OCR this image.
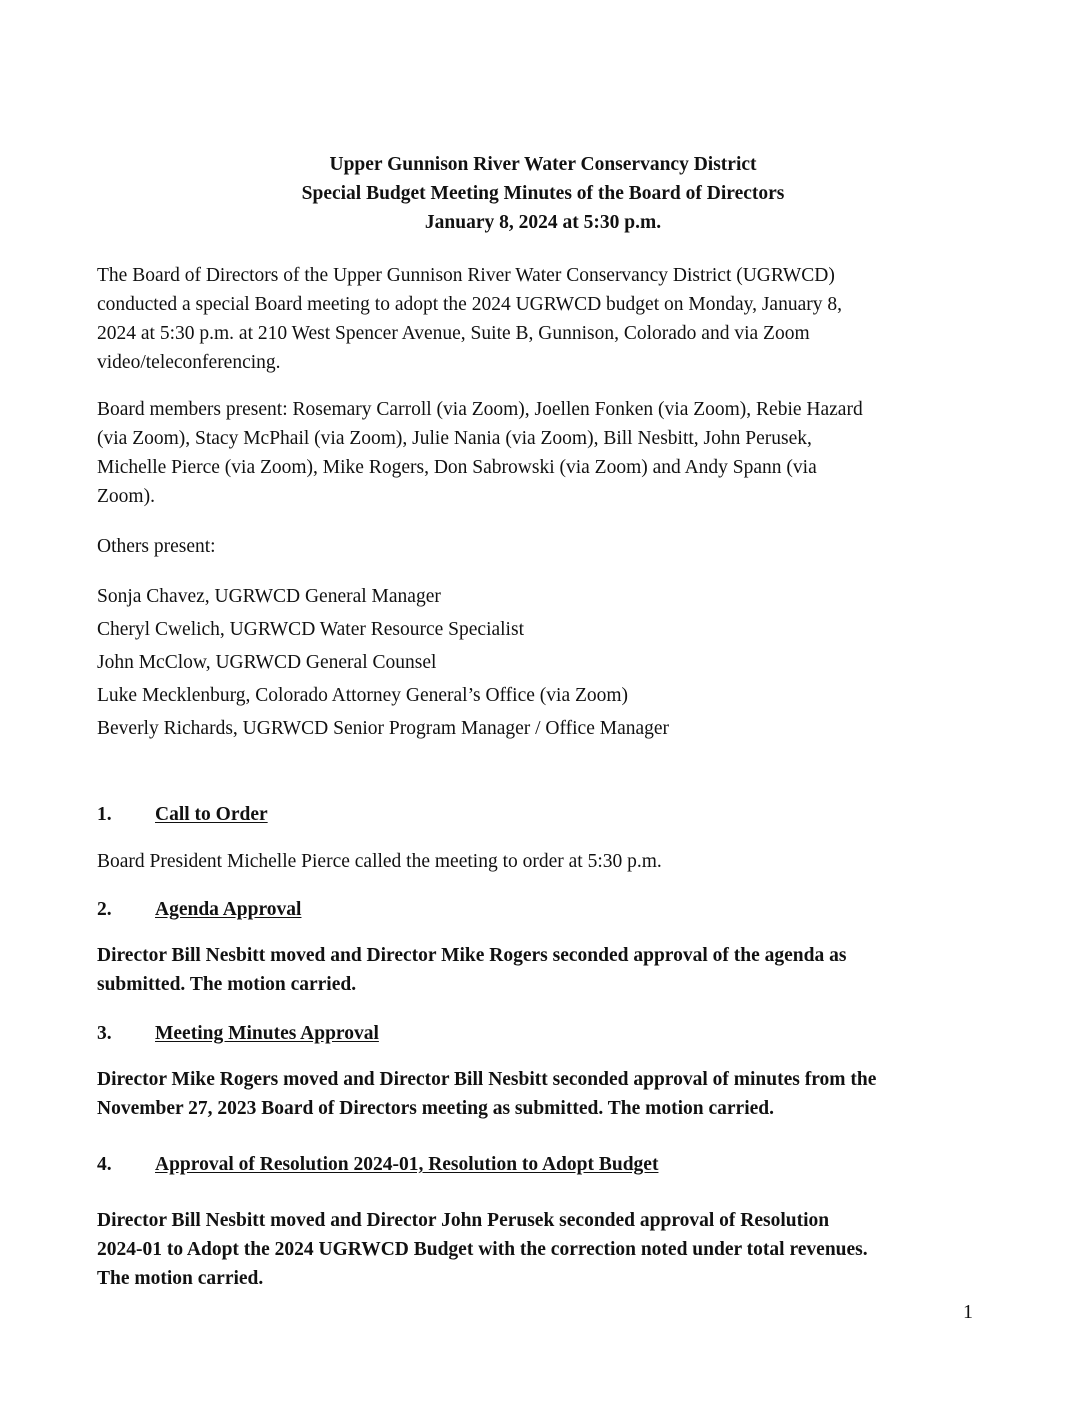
Upper Gunnison River Water Conservancy District
Special Budget Meeting Minutes of the Board of Directors
January 8, 2024 at 5:30 p.m.
The Board of Directors of the Upper Gunnison River Water Conservancy District (UGRWCD)
conducted a special Board meeting to adopt the 2024 UGRWCD budget on Monday, January 8,
2024 at 5:30 p.m. at 210 West Spencer Avenue, Suite B, Gunnison, Colorado and via Zoom
video/teleconferencing.
Board members present: Rosemary Carroll (via Zoom), Joellen Fonken (via Zoom), Rebie Hazard
(via Zoom), Stacy McPhail (via Zoom), Julie Nania (via Zoom), Bill Nesbitt, John Perusek,
Michelle Pierce (via Zoom), Mike Rogers, Don Sabrowski (via Zoom) and Andy Spann (via
Zoom).
Others present:
Sonja Chavez, UGRWCD General Manager
Cheryl Cwelich, UGRWCD Water Resource Specialist
John McClow, UGRWCD General Counsel
Luke Mecklenburg, Colorado Attorney General’s Office (via Zoom)
Beverly Richards, UGRWCD Senior Program Manager / Office Manager
1. Call to Order
Board President Michelle Pierce called the meeting to order at 5:30 p.m.
2. Agenda Approval
Director Bill Nesbitt moved and Director Mike Rogers seconded approval of the agenda as
submitted. The motion carried.
3. Meeting Minutes Approval
Director Mike Rogers moved and Director Bill Nesbitt seconded approval of minutes from the
November 27, 2023 Board of Directors meeting as submitted. The motion carried.
4. Approval of Resolution 2024-01, Resolution to Adopt Budget
Director Bill Nesbitt moved and Director John Perusek seconded approval of Resolution
2024-01 to Adopt the 2024 UGRWCD Budget with the correction noted under total revenues.
The motion carried.
1
